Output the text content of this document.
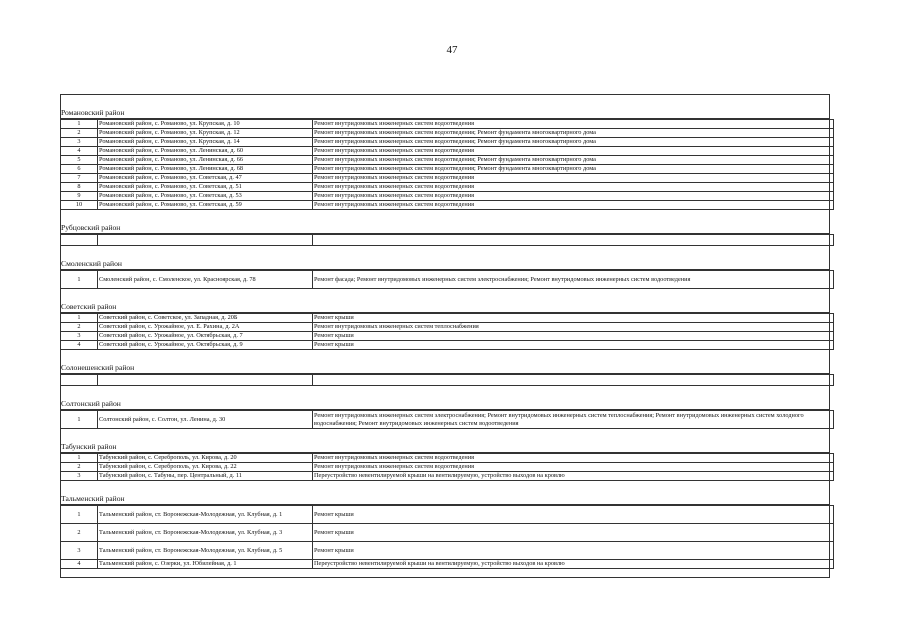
47
Романовский район
1	Романовский район, с. Романово, ул. Крупская, д. 10	Ремонт внутридомовых инженерных систем водоотведения
2	Романовский район, с. Романово, ул. Крупская, д. 12	Ремонт внутридомовых инженерных систем водоотведения; Ремонт фундамента многоквартирного дома
3	Романовский район, с. Романово, ул. Крупская, д. 14	Ремонт внутридомовых инженерных систем водоотведения; Ремонт фундамента многоквартирного дома
4	Романовский район, с. Романово, ул. Ленинская, д. 60	Ремонт внутридомовых инженерных систем водоотведения
5	Романовский район, с. Романово, ул. Ленинская, д. 66	Ремонт внутридомовых инженерных систем водоотведения; Ремонт фундамента многоквартирного дома
6	Романовский район, с. Романово, ул. Ленинская, д. 68	Ремонт внутридомовых инженерных систем водоотведения; Ремонт фундамента многоквартирного дома
7	Романовский район, с. Романово, ул. Советская, д. 47	Ремонт внутридомовых инженерных систем водоотведения
8	Романовский район, с. Романово, ул. Советская, д. 51	Ремонт внутридомовых инженерных систем водоотведения
9	Романовский район, с. Романово, ул. Советская, д. 53	Ремонт внутридомовых инженерных систем водоотведения
10	Романовский район, с. Романово, ул. Советская, д. 59	Ремонт внутридомовых инженерных систем водоотведения
Рубцовский район

Смоленский район
1	Смоленский район, с. Смоленское, ул. Красноярская, д. 78	Ремонт фасада; Ремонт внутридомовых инженерных систем электроснабжения; Ремонт внутридомовых инженерных систем водоотведения
Советский район
1	Советский район, с. Советское, ул. Западная, д. 20Б	Ремонт крыши
2	Советский район, с. Урожайное, ул. Е. Рахина, д. 2А	Ремонт внутридомовых инженерных систем теплоснабжения
3	Советский район, с. Урожайное, ул. Октябрьская, д. 7	Ремонт крыши
4	Советский район, с. Урожайное, ул. Октябрьская, д. 9	Ремонт крыши
Солонешенский район

Солтонский район
1	Солтонский район, с. Солтон, ул. Ленина, д. 30	Ремонт внутридомовых инженерных систем электроснабжения; Ремонт внутридомовых инженерных систем теплоснабжения; Ремонт внутридомовых инженерных систем холодного водоснабжения; Ремонт внутридомовых инженерных систем водоотведения
Табунский район
1	Табунский район, с. Сереброполь, ул. Кирова, д. 20	Ремонт внутридомовых инженерных систем водоотведения
2	Табунский район, с. Сереброполь, ул. Кирова, д. 22	Ремонт внутридомовых инженерных систем водоотведения
3	Табунский район, с. Табуны, пер. Центральный, д. 11	Переустройство невентилируемой крыши на вентилируемую, устройство выходов на кровлю
Тальменский район
1	Тальменский район, ст. Воронежская-Молодежная, ул. Клубная, д. 1	Ремонт крыши
2	Тальменский район, ст. Воронежская-Молодежная, ул. Клубная, д. 3	Ремонт крыши
3	Тальменский район, ст. Воронежская-Молодежная, ул. Клубная, д. 5	Ремонт крыши
4	Тальменский район, с. Озерки, ул. Юбилейная, д. 1	Переустройство невентилируемой крыши на вентилируемую, устройство выходов на кровлю
